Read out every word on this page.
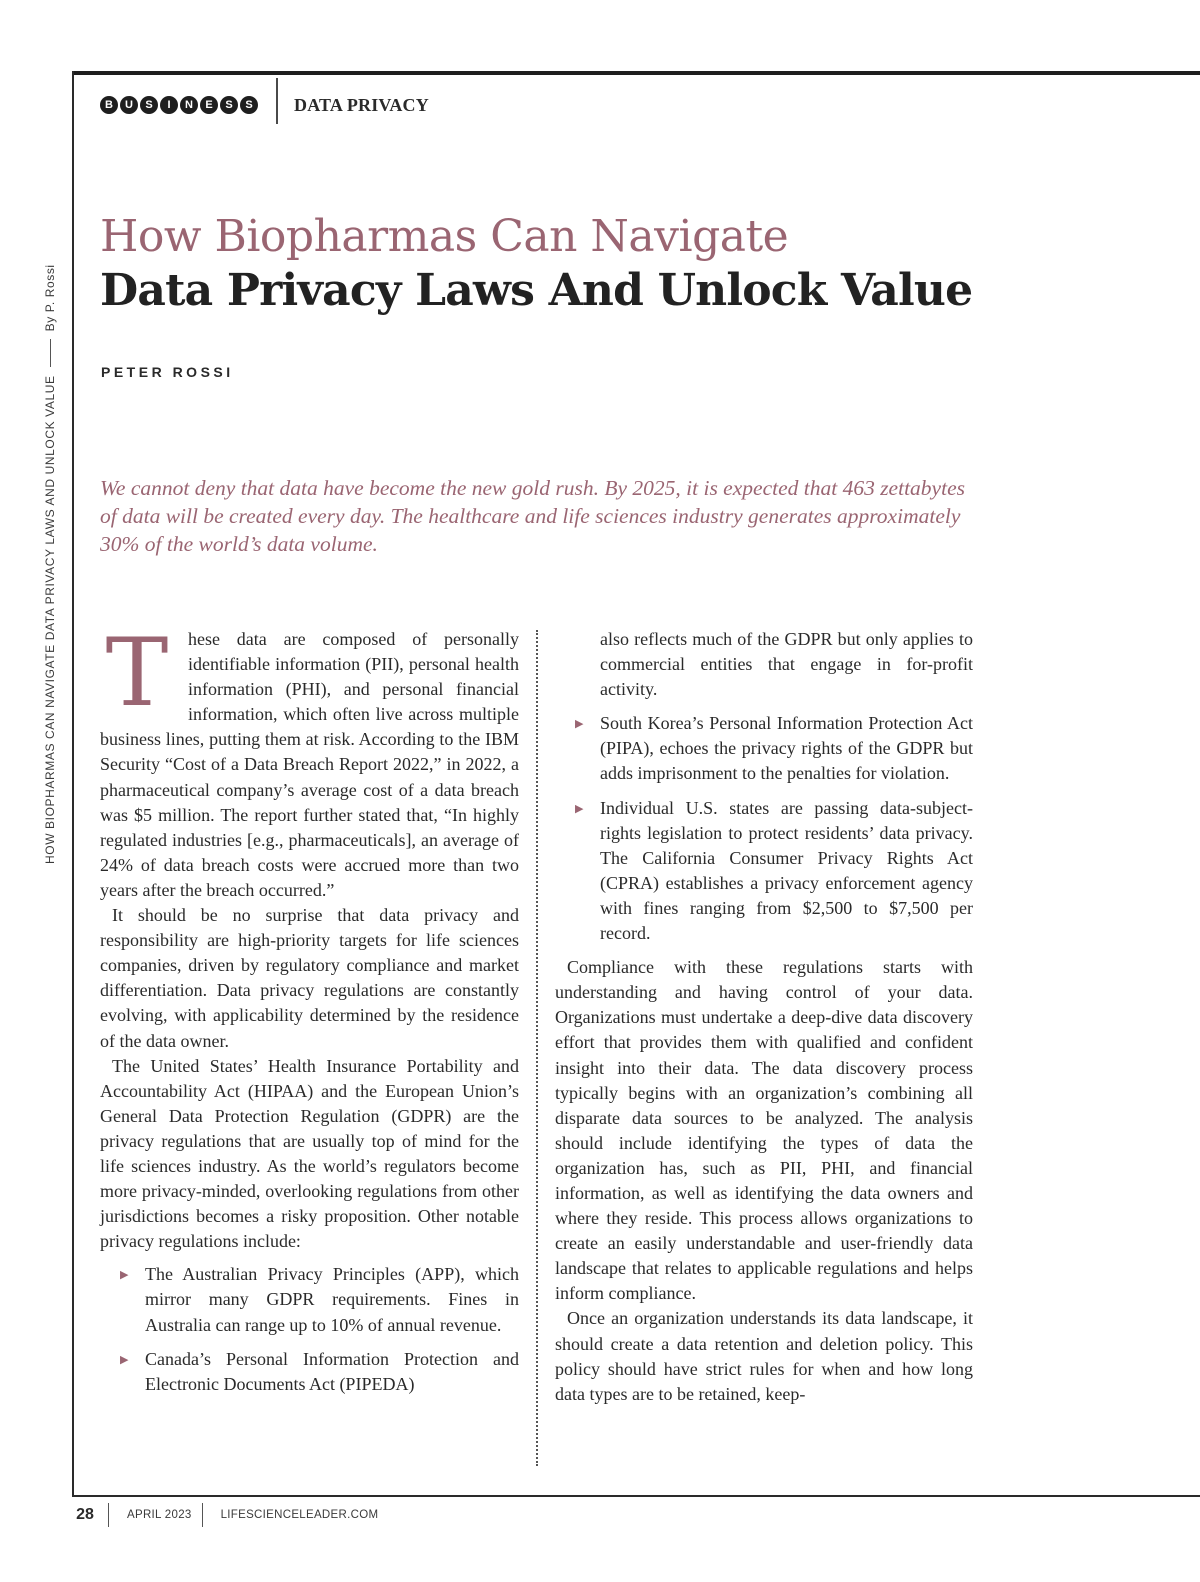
B	U	S	I	N	E	S	S DATA PRIVACY
HOW BIOPHARMAS CAN NAVIGATE DATA PRIVACY LAWS AND UNLOCK VALUE
By P. Rossi
How Biopharmas Can Navigate
Data Privacy Laws And Unlock Value
PETER ROSSI
We cannot deny that data have become the new gold rush. By 2025, it is expected that 463 zettabytes of data will be created every day. The healthcare and life sciences industry generates approximately 30% of the world’s data volume.

T	hese data are composed of personally identifiable information (PII), personal health information (PHI), and personal financial information, which often live across multiple business lines, putting them at risk. According to the IBM Security “Cost of a Data Breach Report 2022,” in 2022, a pharmaceutical company’s average cost of a data breach was $5 million. The report further stated that, “In highly regulated industries [e.g., pharmaceuticals], an average of 24% of data breach costs were accrued more than two years after the breach occurred.”

It should be no surprise that data privacy and responsibility are high-priority targets for life sciences companies, driven by regulatory compliance and market differentiation. Data privacy regulations are constantly evolving, with applicability determined by the residence of the data owner.

The United States’ Health Insurance Portability and Accountability Act (HIPAA) and the European Union’s General Data Protection Regulation (GDPR) are the privacy regulations that are usually top of mind for the life sciences industry. As the world’s regulators become more privacy-minded, overlooking regulations from other jurisdictions becomes a risky proposition. Other notable privacy regulations include:

▶ The Australian Privacy Principles (APP), which mirror many GDPR requirements. Fines in Australia can range up to 10% of annual revenue.
▶ Canada’s Personal Information Protection and Electronic Documents Act (PIPEDA)
also reflects much of the GDPR but only applies to commercial entities that engage in for-profit activity.
▶ South Korea’s Personal Information Protection Act (PIPA), echoes the privacy rights of the GDPR but adds imprisonment to the penalties for violation.
▶ Individual U.S. states are passing data-subject-rights legislation to protect residents’ data privacy. The California Consumer Privacy Rights Act (CPRA) establishes a privacy enforcement agency with fines ranging from $2,500 to $7,500 per record.

Compliance with these regulations starts with understanding and having control of your data. Organizations must undertake a deep-dive data discovery effort that provides them with qualified and confident insight into their data. The data discovery process typically begins with an organization’s combining all disparate data sources to be analyzed. The analysis should include identifying the types of data the organization has, such as PII, PHI, and financial information, as well as identifying the data owners and where they reside. This process allows organizations to create an easily understandable and user-friendly data landscape that relates to applicable regulations and helps inform compliance.

Once an organization understands its data landscape, it should create a data retention and deletion policy. This policy should have strict rules for when and how long data types are to be retained, keep-

28	APRIL 2023	LIFESCIENCELEADER.COM
